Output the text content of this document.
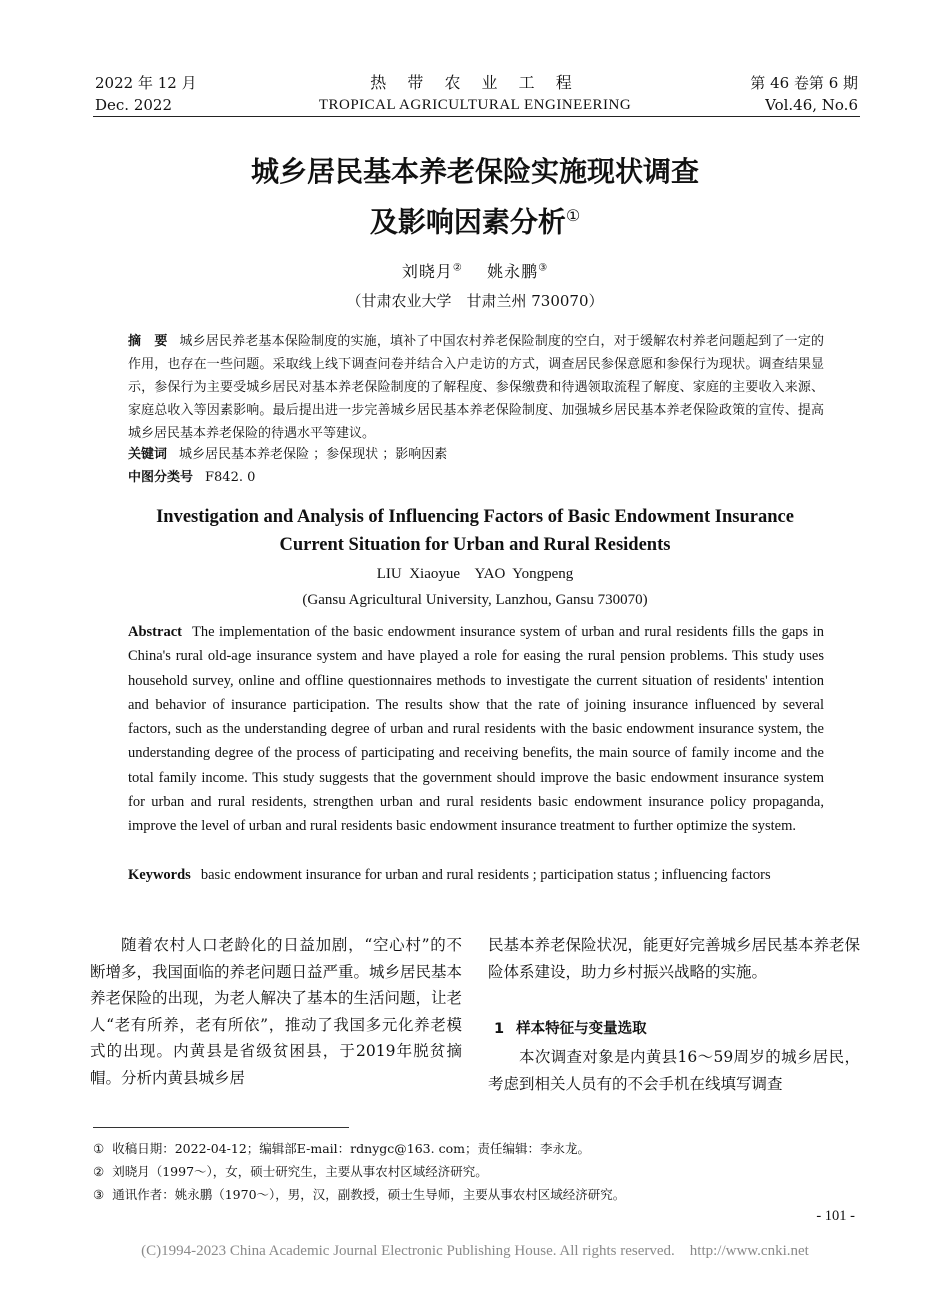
2022 年 12 月
Dec. 2022
热 带 农 业 工 程
TROPICAL AGRICULTURAL ENGINEERING
第 46 卷第 6 期
Vol.46, No.6
城乡居民基本养老保险实施现状调查
及影响因素分析①
刘晓月② 姚永鹏③
（甘肃农业大学　甘肃兰州 730070）
摘　要 城乡居民养老基本保险制度的实施，填补了中国农村养老保险制度的空白，对于缓解农村养老问题起到了一定的作用，也存在一些问题。采取线上线下调查问卷并结合入户走访的方式，调查居民参保意愿和参保行为现状。调查结果显示，参保行为主要受城乡居民对基本养老保险制度的了解程度、参保缴费和待遇领取流程了解度、家庭的主要收入来源、家庭总收入等因素影响。最后提出进一步完善城乡居民基本养老保险制度、加强城乡居民基本养老保险政策的宣传、提高城乡居民基本养老保险的待遇水平等建议。
关键词 城乡居民基本养老保险 ；参保现状 ；影响因素
中图分类号 F842. 0
Investigation and Analysis of Influencing Factors of Basic Endowment Insurance
Current Situation for Urban and Rural Residents
LIU  Xiaoyue    YAO  Yongpeng
(Gansu Agricultural University, Lanzhou, Gansu 730070)
Abstract The implementation of the basic endowment insurance system of urban and rural residents fills the gaps in China's rural old-age insurance system and have played a role for easing the rural pension problems. This study uses household survey, online and offline questionnaires methods to investigate the current situation of residents' intention and behavior of insurance participation. The results show that the rate of joining insurance influenced by several factors, such as the understanding degree of urban and rural residents with the basic endowment insurance system, the understanding degree of the process of participating and receiving benefits, the main source of family income and the total family income. This study suggests that the government should improve the basic endowment insurance system for urban and rural residents, strengthen urban and rural residents basic endowment insurance policy propaganda, improve the level of urban and rural residents basic endowment insurance treatment to further optimize the system.
Keywords basic endowment insurance for urban and rural residents ; participation status ; influencing factors
随着农村人口老龄化的日益加剧，“空心村”的不断增多，我国面临的养老问题日益严重。城乡居民基本养老保险的出现，为老人解决了基本的生活问题，让老人“老有所养，老有所依”，推动了我国多元化养老模式的出现。内黄县是省级贫困县，于2019年脱贫摘帽。分析内黄县城乡居
民基本养老保险状况，能更好完善城乡居民基本养老保险体系建设，助力乡村振兴战略的实施。
1 样本特征与变量选取
本次调查对象是内黄县16～59周岁的城乡居民，考虑到相关人员有的不会手机在线填写调查
① 收稿日期：2022-04-12；编辑部E-mail：rdnygc@163. com；责任编辑：李永龙。
② 刘晓月（1997～），女，硕士研究生，主要从事农村区域经济研究。
③ 通讯作者：姚永鹏（1970～），男，汉，副教授，硕士生导师，主要从事农村区域经济研究。
- 101 -
(C)1994-2023 China Academic Journal Electronic Publishing House. All rights reserved.    http://www.cnki.net
